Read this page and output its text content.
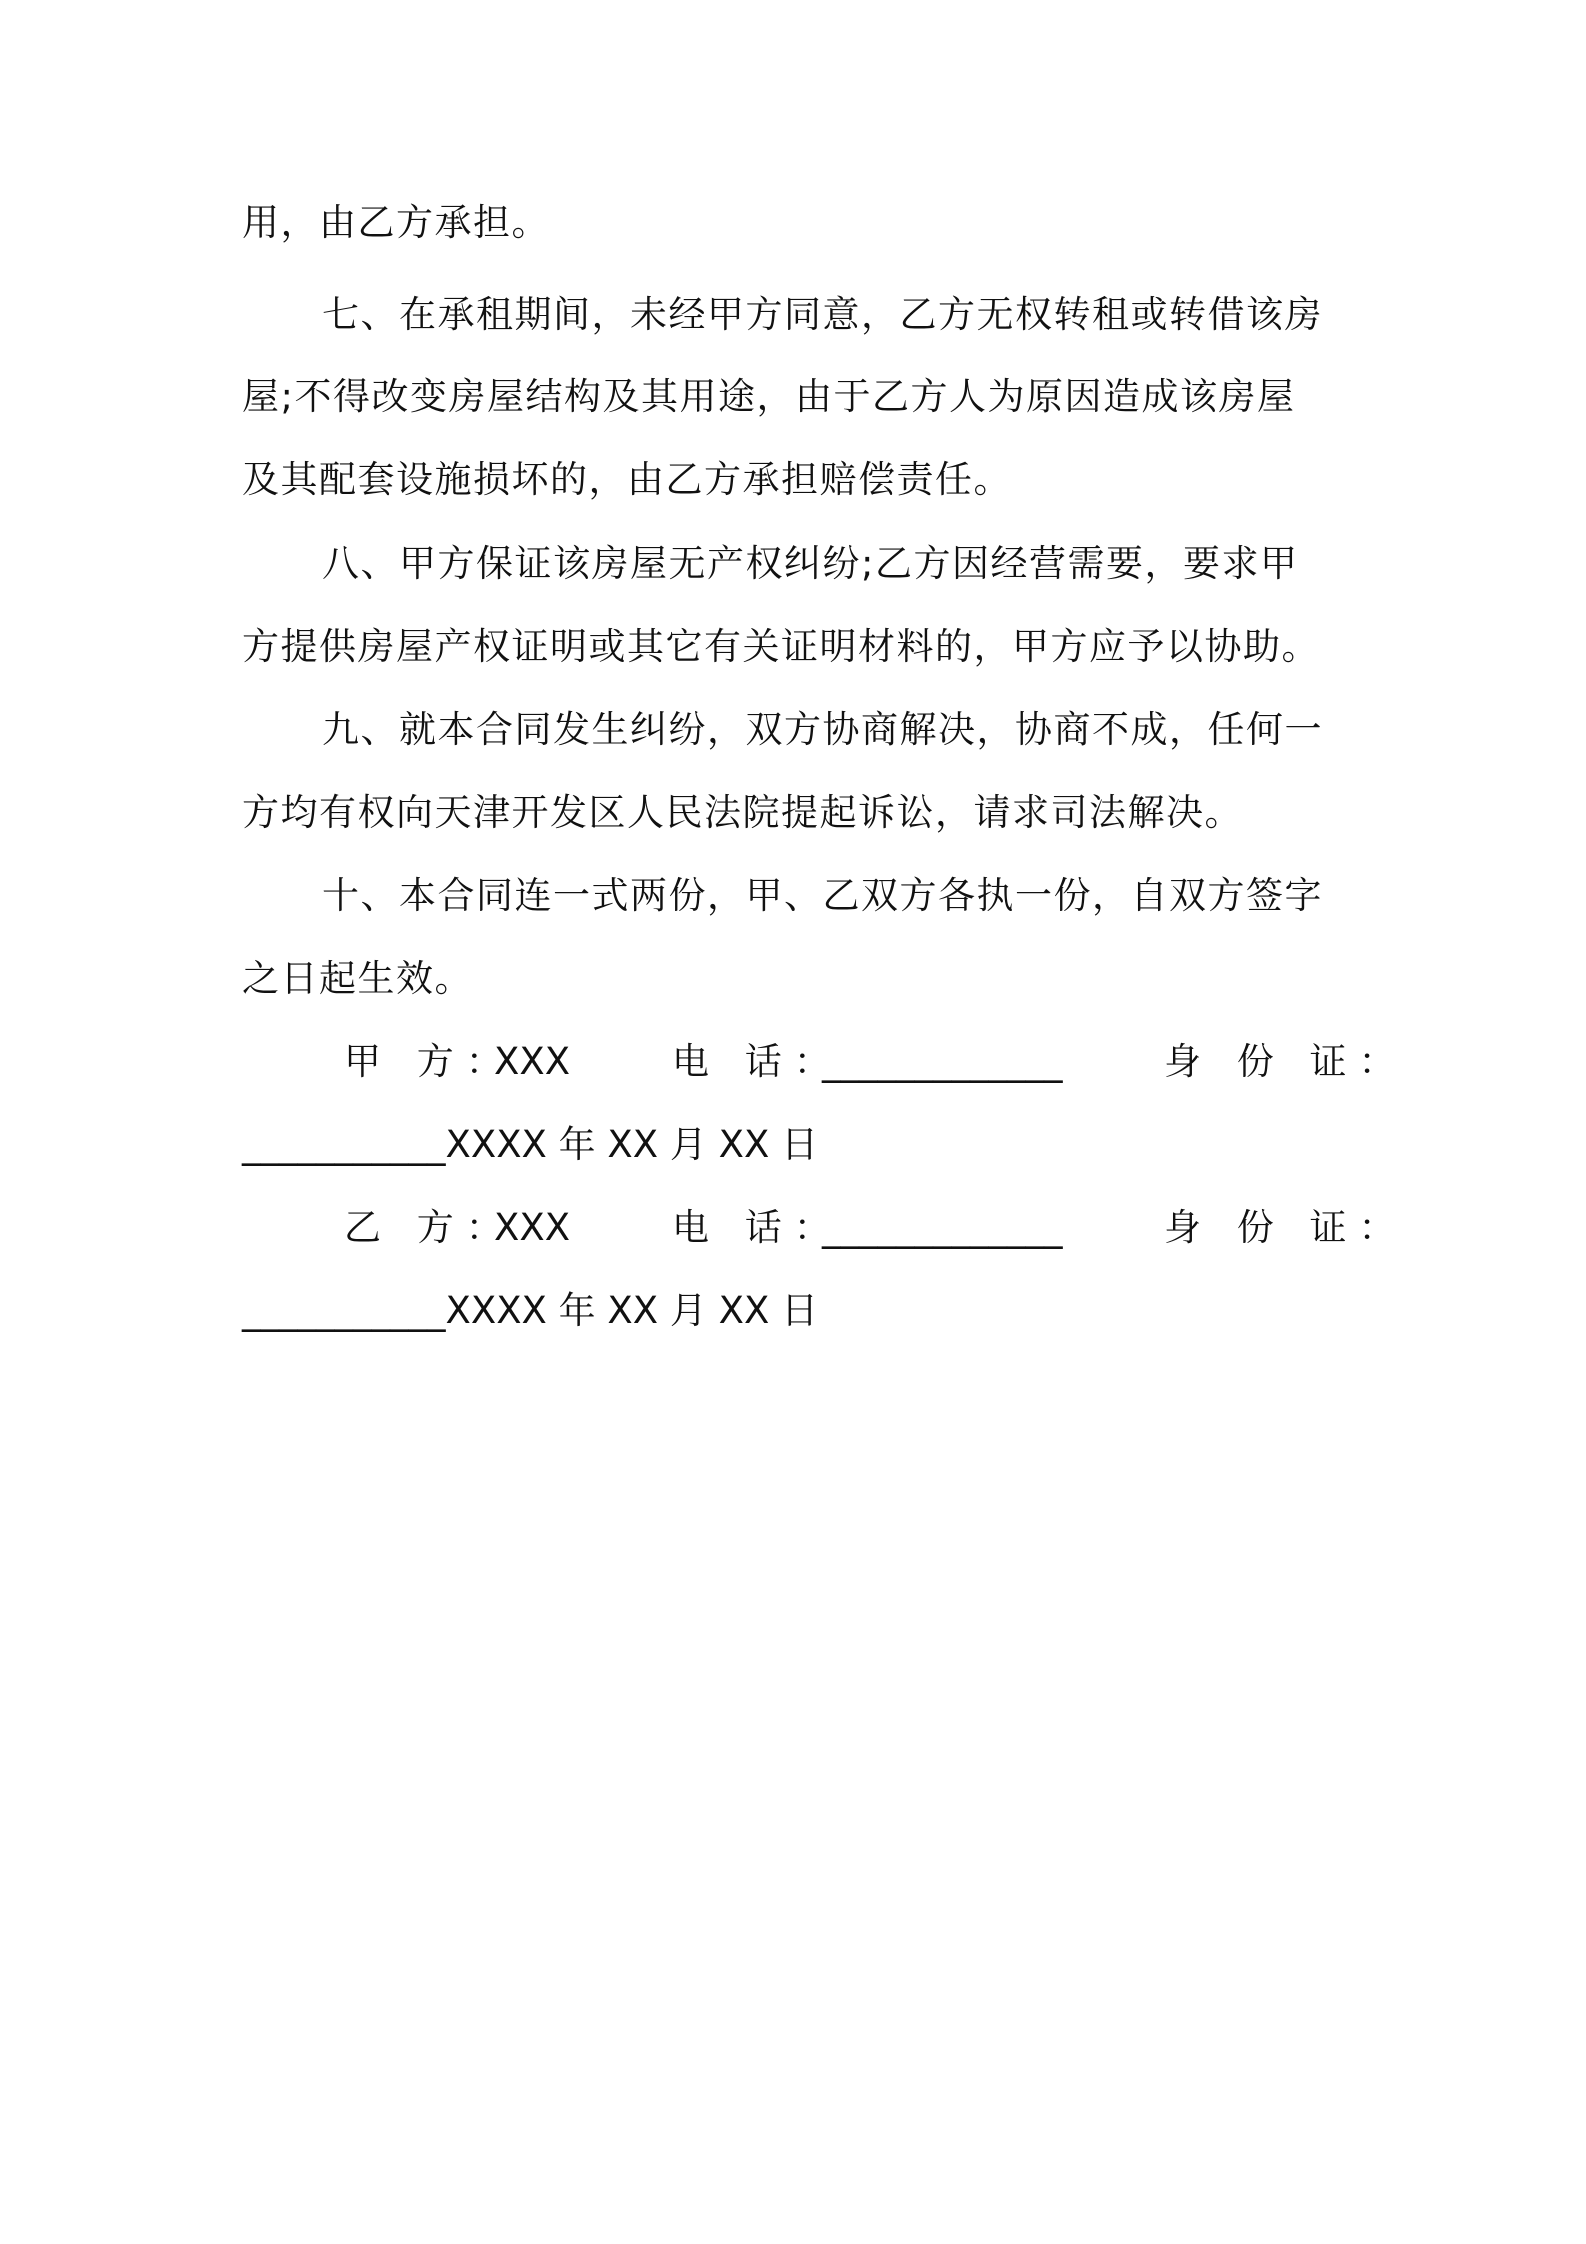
用，由乙方承担。
七、在承租期间，未经甲方同意，乙方无权转租或转借该房
屋;不得改变房屋结构及其用途，由于乙方人为原因造成该房屋
及其配套设施损坏的，由乙方承担赔偿责任。
八、甲方保证该房屋无产权纠纷;乙方因经营需要，要求甲
方提供房屋产权证明或其它有关证明材料的，甲方应予以协助。
九、就本合同发生纠纷，双方协商解决，协商不成，任何一
方均有权向天津开发区人民法院提起诉讼，请求司法解决。
十、本合同连一式两份，甲、乙双方各执一份，自双方签字
之日起生效。
甲 方：
XXX	电 话：
_____________	身 份 证：
___________XXXX 年 XX 月 XX 日
乙 方：
XXX	电 话：
_____________	身 份 证：
___________XXXX 年 XX 月 XX 日
